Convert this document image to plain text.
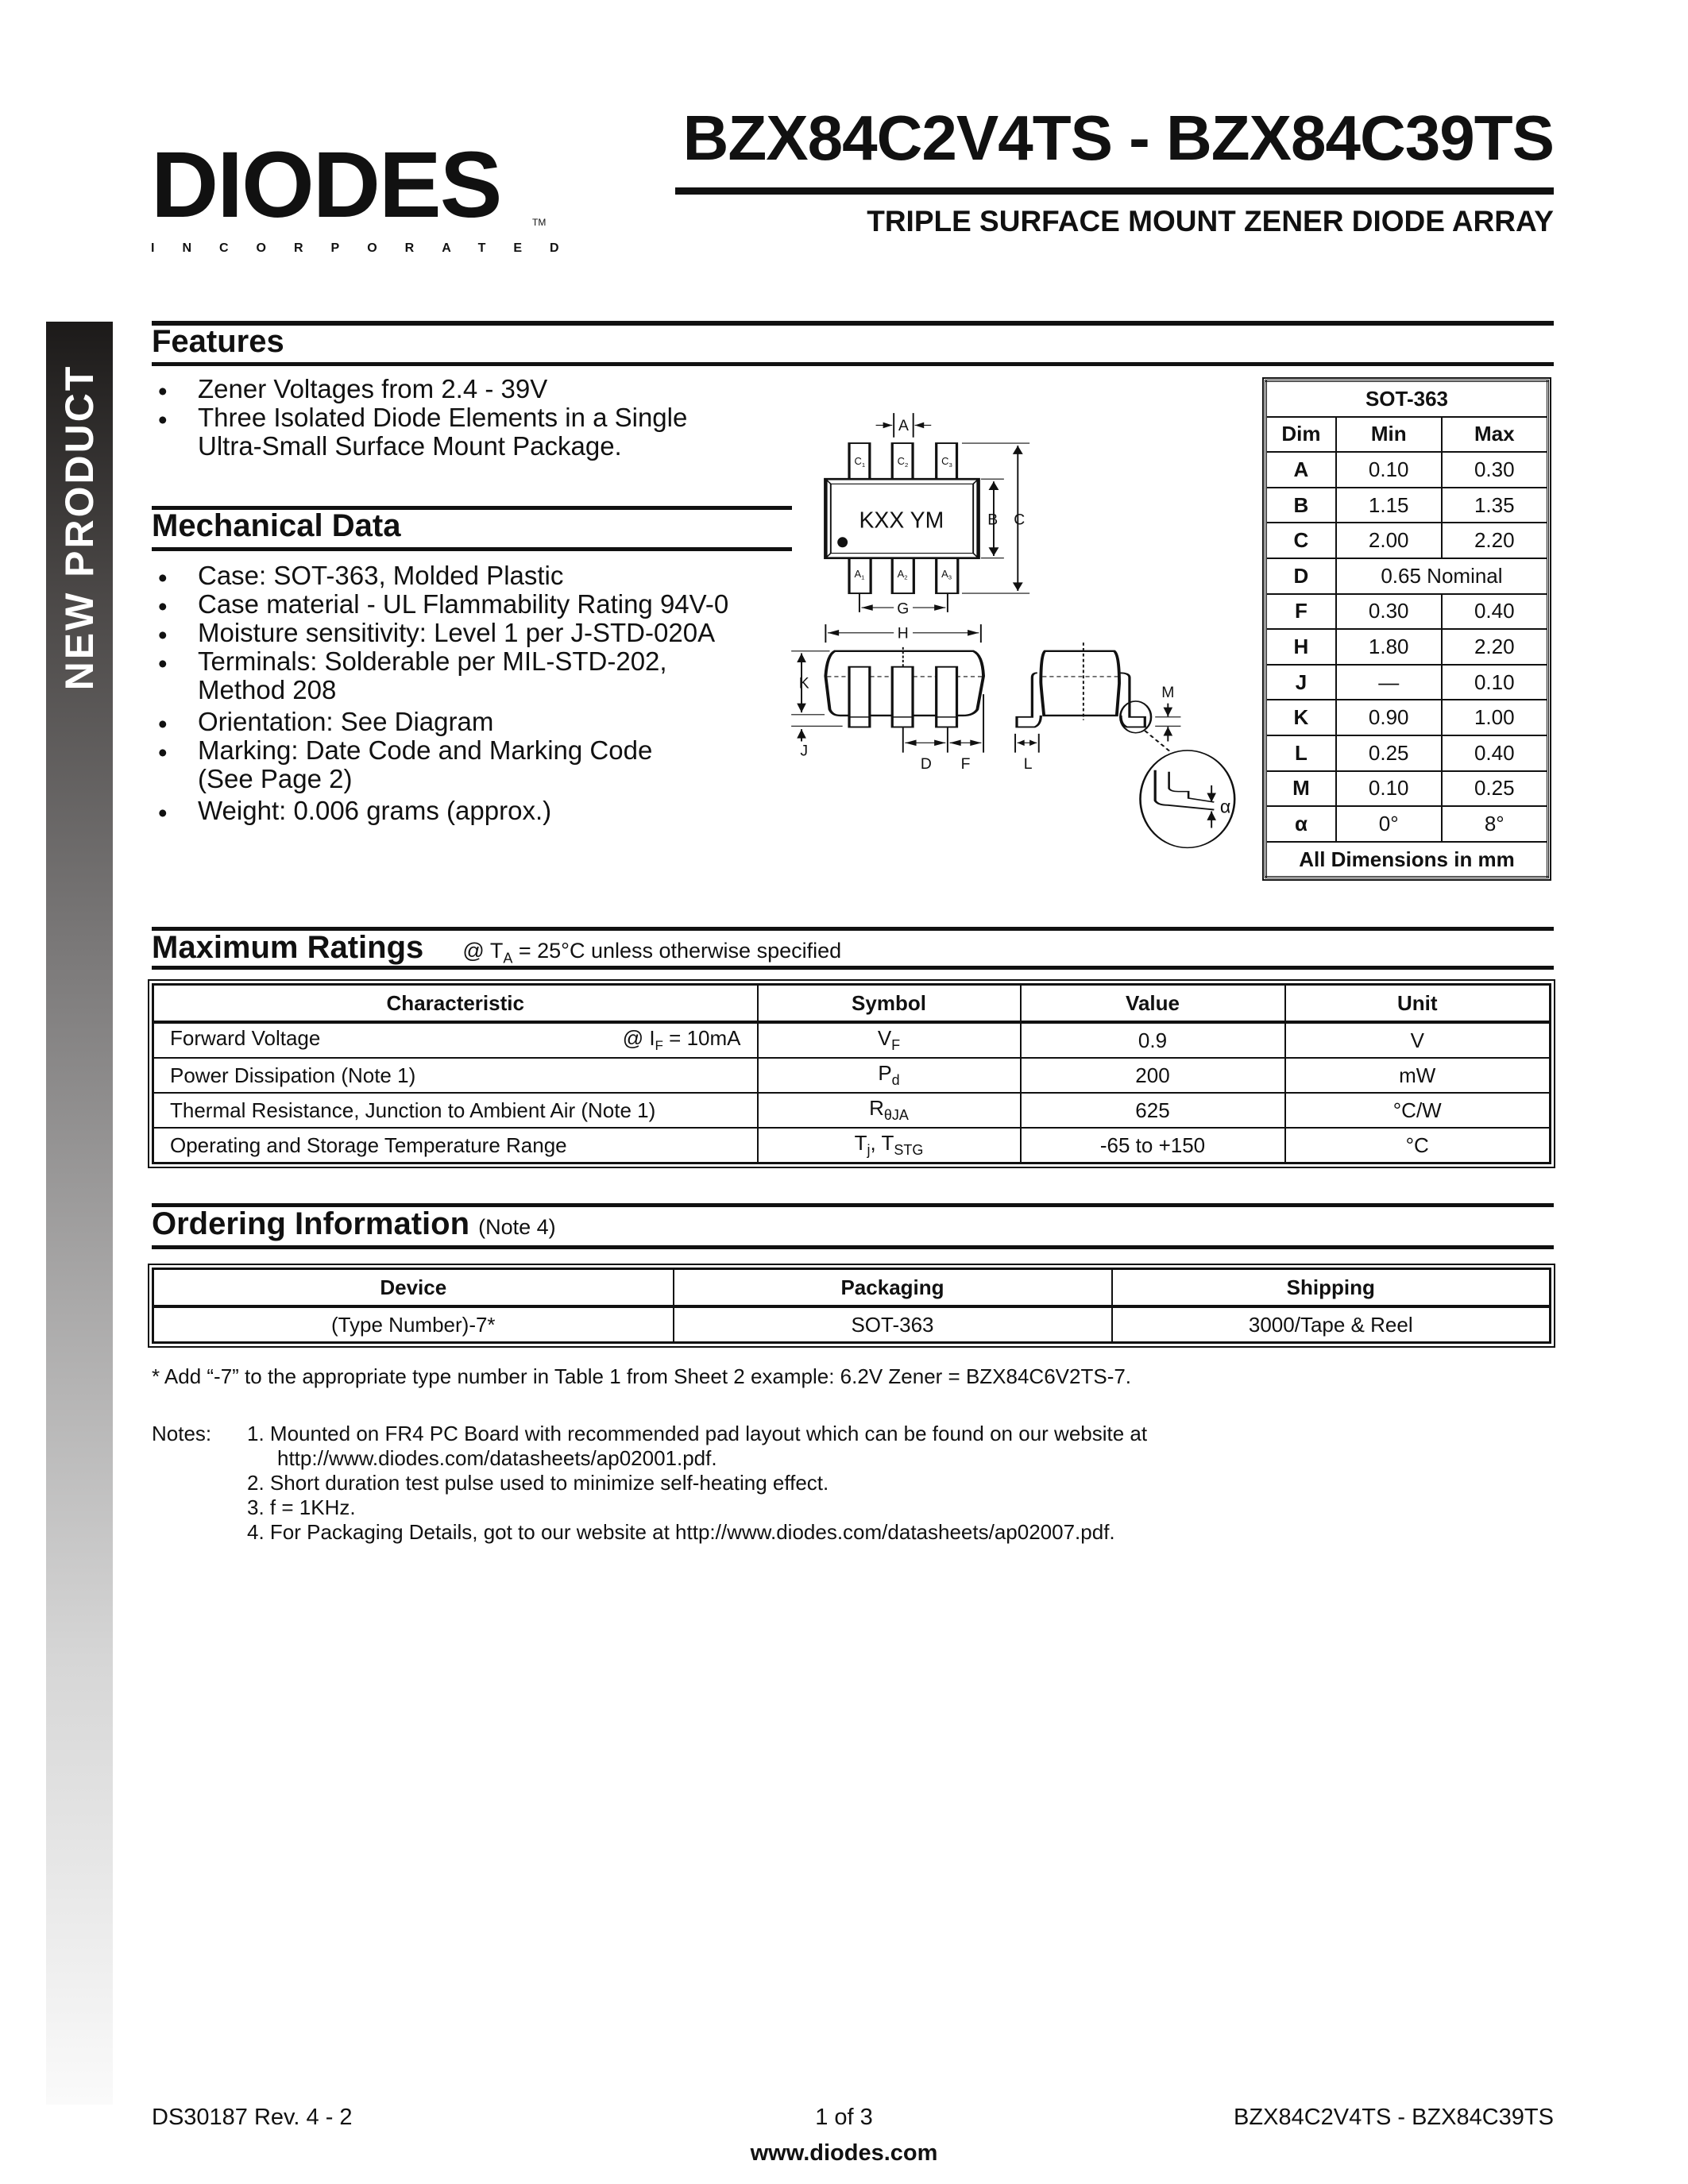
DIODES	TM
INCORPORATED
BZX84C2V4TS - BZX84C39TS
TRIPLE SURFACE MOUNT ZENER DIODE ARRAY
NEW PRODUCT
Features
• Zener Voltages from 2.4 - 39V
• Three Isolated Diode Elements in a Single
Ultra-Small Surface Mount Package.
Mechanical Data
• Case: SOT-363, Molded Plastic
• Case material - UL Flammability Rating 94V-0
• Moisture sensitivity: Level 1 per J-STD-020A
• Terminals: Solderable per MIL-STD-202,
Method 208
• Orientation: See Diagram
• Marking: Date Code and Marking Code
(See Page 2)
• Weight: 0.006 grams (approx.)
KXX YM
$C_1$ $C_2$ $C_3$
$A_1$ $A_2$ $A_3$
A
B C
G
H
K
J
D F L
M
α
SOT-363		
Dim	Min	Max
A	0.10	0.30
B	1.15	1.35
C	2.00	2.20
D	0.65 Nominal	
F	0.30	0.40
H	1.80	2.20
J	—	0.10
K	0.90	1.00
L	0.25	0.40
M	0.10	0.25
α	0°	8°
All Dimensions in mm		
Maximum Ratings @ $T_A = 25^\circ C$ unless otherwise specified
Characteristic	Symbol	Value	Unit
Forward Voltage @ $I_F = 10mA$	$V_F$	0.9	V
Power Dissipation (Note 1)	$P_d$	200	mW
Thermal Resistance, Junction to Ambient Air (Note 1)	$R_{\theta JA}$	625	°C/W
Operating and Storage Temperature Range	$T_j$, $T_{STG}$	-65 to +150	°C
Ordering Information (Note 4)
Device	Packaging	Shipping
(Type Number)-7*	SOT-363	3000/Tape & Reel
* Add “-7” to the appropriate type number in Table 1 from Sheet 2 example: 6.2V Zener = BZX84C6V2TS-7.
Notes: 1. Mounted on FR4 PC Board with recommended pad layout which can be found on our website at
http://www.diodes.com/datasheets/ap02001.pdf.
2. Short duration test pulse used to minimize self-heating effect.
3. f = 1KHz.
4. For Packaging Details, got to our website at http://www.diodes.com/datasheets/ap02007.pdf.
DS30187 Rev. 4 - 2	1 of 3	BZX84C2V4TS - BZX84C39TS
www.diodes.com
